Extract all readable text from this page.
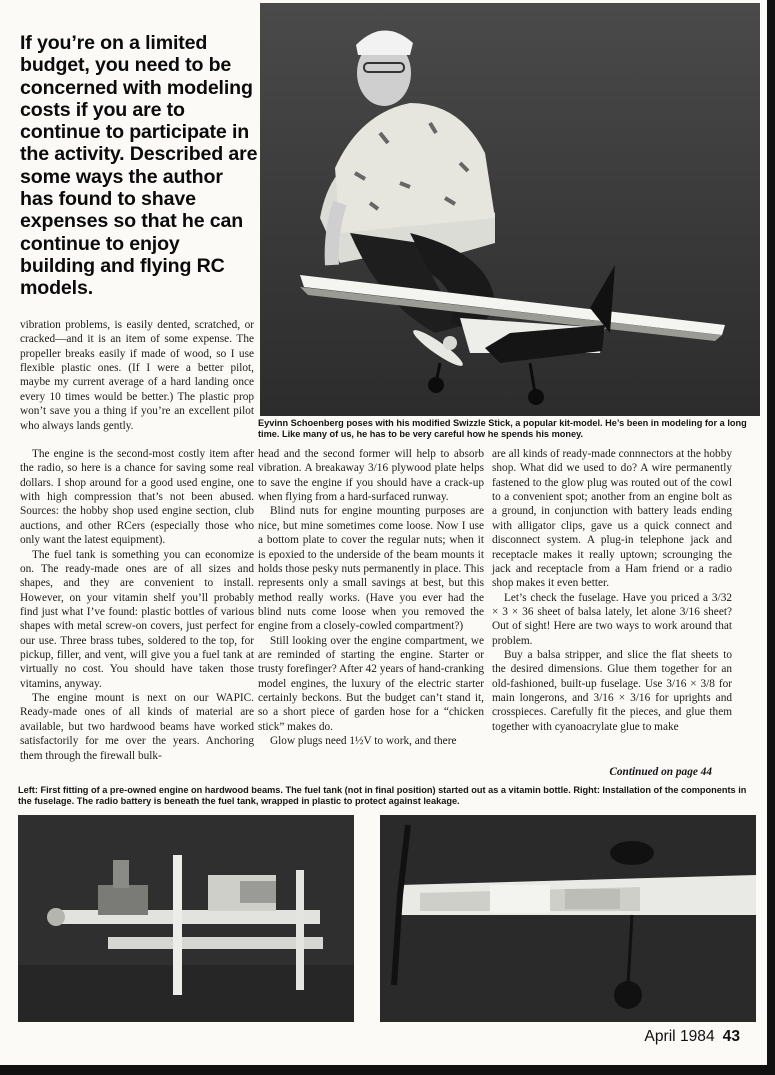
If you’re on a limited budget, you need to be concerned with modeling costs if you are to continue to participate in the activity. Described are some ways the author has found to shave expenses so that he can continue to enjoy building and flying RC models.
Eyvinn Schoenberg poses with his modified Swizzle Stick, a popular kit-model. He’s been in modeling for a long time. Like many of us, he has to be very careful how he spends his money.

vibration problems, is easily dented, scratched, or cracked—and it is an item of some expense. The propeller breaks easily if made of wood, so I use flexible plastic ones. (If I were a better pilot, maybe my current average of a hard landing once every 10 times would be better.) The plastic prop won’t save you a thing if you’re an excellent pilot who always lands gently.

The engine is the second-most costly item after the radio, so here is a chance for saving some real dollars. I shop around for a good used engine, one with high compression that’s not been abused. Sources: the hobby shop used engine section, club auctions, and other RCers (especially those who only want the latest equipment).

The fuel tank is something you can economize on. The ready-made ones are of all sizes and shapes, and they are convenient to install. However, on your vitamin shelf you’ll probably find just what I’ve found: plastic bottles of various shapes with metal screw-on covers, just perfect for our use. Three brass tubes, soldered to the top, for pickup, filler, and vent, will give you a fuel tank at virtually no cost. You should have taken those vitamins, anyway.

The engine mount is next on our WAPIC. Ready-made ones of all kinds of material are available, but two hardwood beams have worked satisfactorily for me over the years. Anchoring them through the firewall bulk-

head and the second former will help to absorb vibration. A breakaway 3/16 plywood plate helps to save the engine if you should have a crack-up when flying from a hard-surfaced runway.

Blind nuts for engine mounting purposes are nice, but mine sometimes come loose. Now I use a bottom plate to cover the regular nuts; when it is epoxied to the underside of the beam mounts it holds those pesky nuts permanently in place. This represents only a small savings at best, but this method really works. (Have you ever had the blind nuts come loose when you removed the engine from a closely-cowled compartment?)

Still looking over the engine compartment, we are reminded of starting the engine. Starter or trusty forefinger? After 42 years of hand-cranking model engines, the luxury of the electric starter certainly beckons. But the budget can’t stand it, so a short piece of garden hose for a “chicken stick” makes do.

Glow plugs need 1½V to work, and there

are all kinds of ready-made connnectors at the hobby shop. What did we used to do? A wire permanently fastened to the glow plug was routed out of the cowl to a convenient spot; another from an engine bolt as a ground, in conjunction with battery leads ending with alligator clips, gave us a quick connect and disconnect system. A plug-in telephone jack and receptacle makes it really uptown; scrounging the jack and receptacle from a Ham friend or a radio shop makes it even better.

Let’s check the fuselage. Have you priced a 3/32 × 3 × 36 sheet of balsa lately, let alone 3/16 sheet? Out of sight! Here are two ways to work around that problem.

Buy a balsa stripper, and slice the flat sheets to the desired dimensions. Glue them together for an old-fashioned, built-up fuselage. Use 3/16 × 3/8 for main longerons, and 3/16 × 3/16 for uprights and crosspieces. Carefully fit the pieces, and glue them together with cyanoacrylate glue to make

Continued on page 44
Left: First fitting of a pre-owned engine on hardwood beams. The fuel tank (not in final position) started out as a vitamin bottle. Right: Installation of the components in the fuselage. The radio battery is beneath the fuel tank, wrapped in plastic to protect against leakage.
April 1984 43
